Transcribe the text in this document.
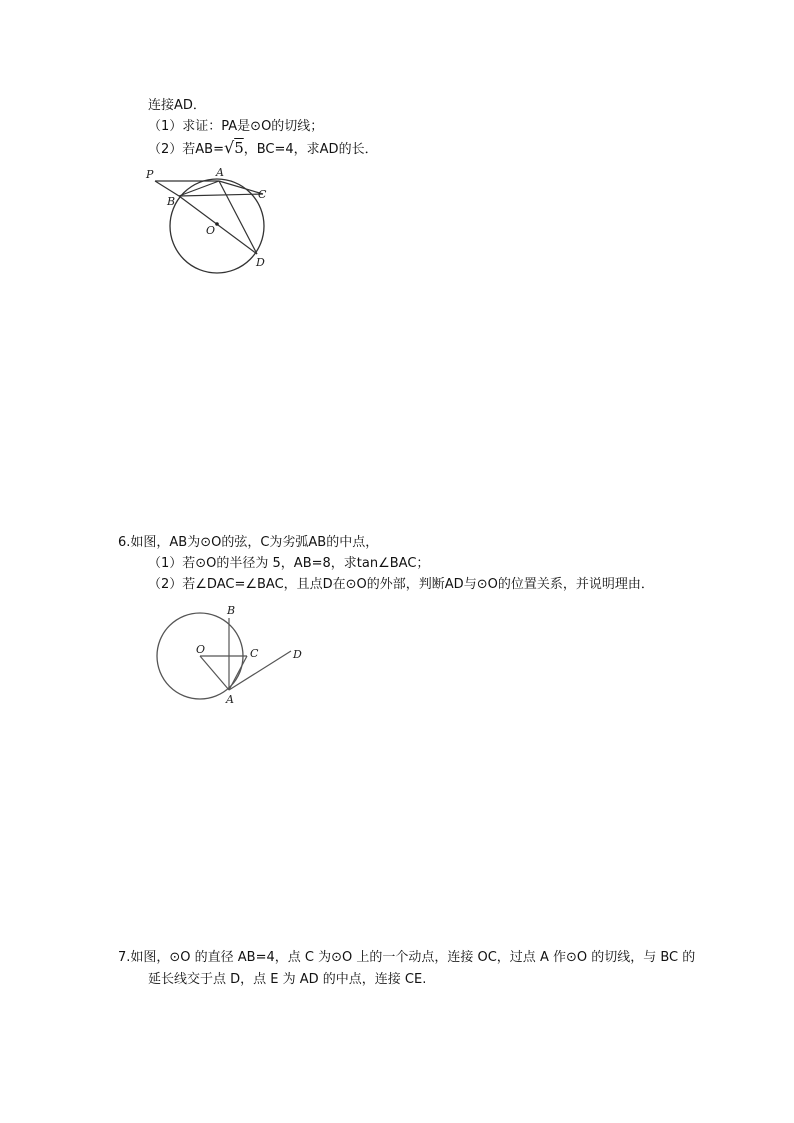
连接AD．
（1）求证：PA是⊙O的切线；
（2）若AB=√5，BC=4，求AD的长．
P	A
C
B
O
D
6.如图，AB为⊙O的弦，C为劣弧AB的中点，
（1）若⊙O的半径为 5，AB=8，求tan∠BAC；
（2）若∠DAC=∠BAC，且点D在⊙O的外部，判断AD与⊙O的位置关系，并说明理由．
B
O	C	D
A
7.如图，⊙O 的直径 AB=4，点 C 为⊙O 上的一个动点，连接 OC，过点 A 作⊙O 的切线，与 BC 的
延长线交于点 D，点 E 为 AD 的中点，连接 CE.
